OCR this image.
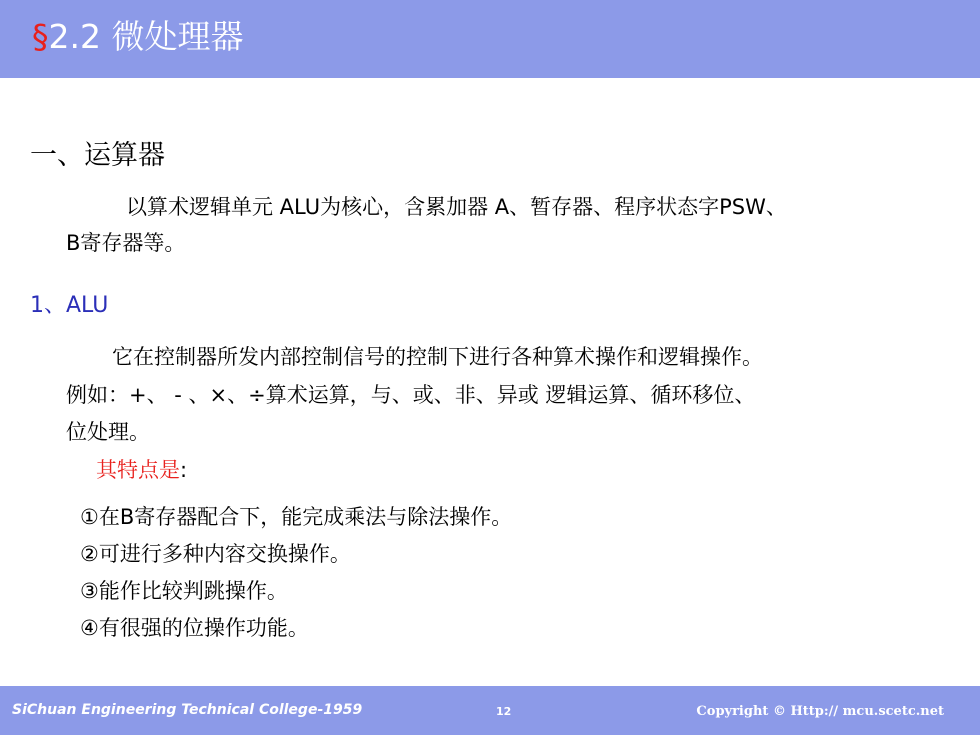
§2.2 微处理器
一、运算器
以算术逻辑单元 ALU为核心，含累加器 A、暂存器、程序状态字PSW、
B寄存器等。
1、ALU
它在控制器所发内部控制信号的控制下进行各种算术操作和逻辑操作。
例如：+、 - 、×、÷算术运算，与、或、非、异或 逻辑运算、循环移位、
位处理。
其特点是:
①在B寄存器配合下，能完成乘法与除法操作。
②可进行多种内容交换操作。
③能作比较判跳操作。
④有很强的位操作功能。
SiChuan Engineering Technical College-1959	12	Copyright © Http:// mcu.scetc.net
